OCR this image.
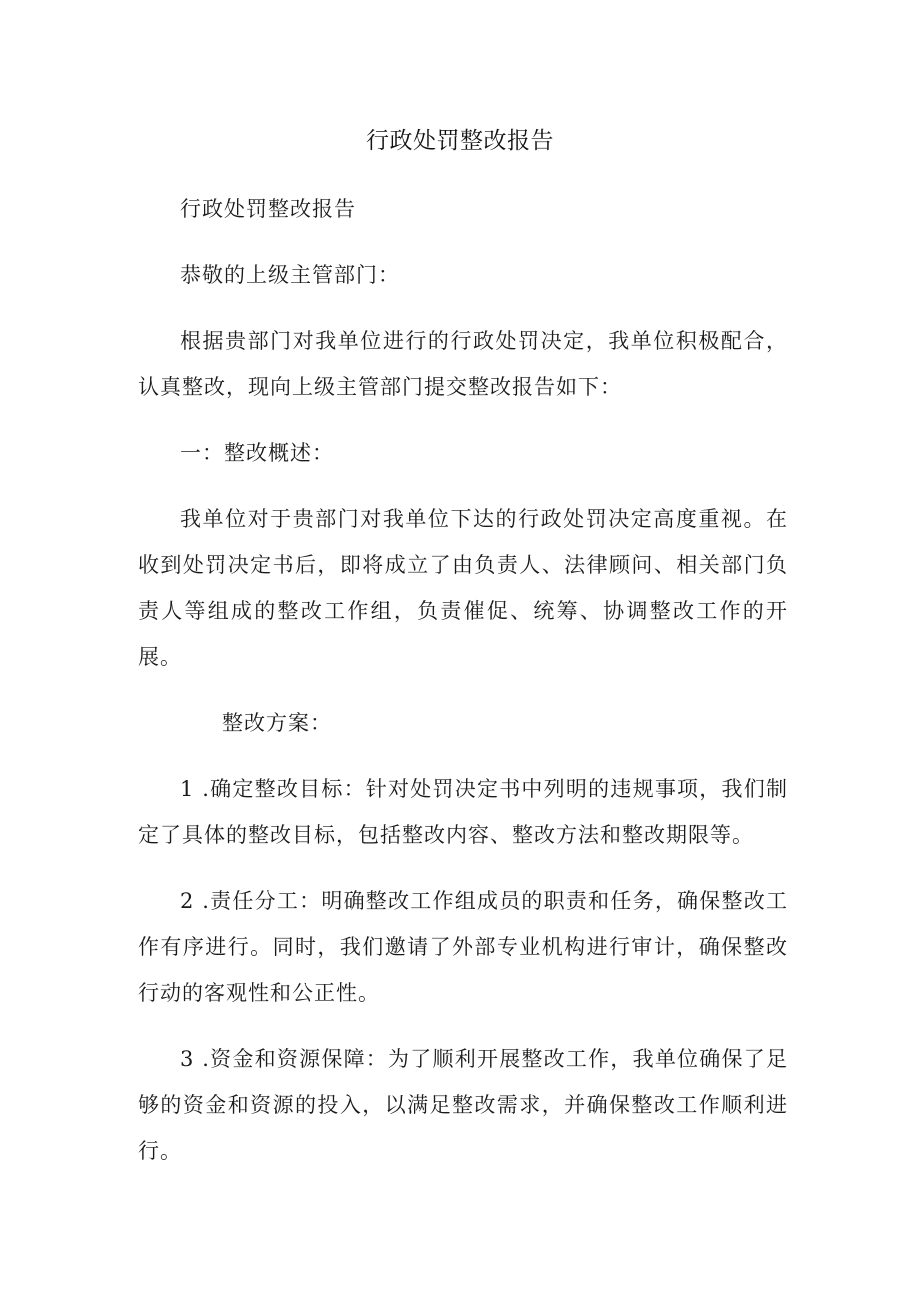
行政处罚整改报告

行政处罚整改报告

恭敬的上级主管部门：

根据贵部门对我单位进行的行政处罚决定，我单位积极配合，认真整改，现向上级主管部门提交整改报告如下：

一：整改概述：

我单位对于贵部门对我单位下达的行政处罚决定高度重视。在收到处罚决定书后，即将成立了由负责人、法律顾问、相关部门负责人等组成的整改工作组，负责催促、统筹、协调整改工作的开展。

整改方案：

1 .确定整改目标：针对处罚决定书中列明的违规事项，我们制定了具体的整改目标，包括整改内容、整改方法和整改期限等。

2 .责任分工：明确整改工作组成员的职责和任务，确保整改工作有序进行。同时，我们邀请了外部专业机构进行审计，确保整改行动的客观性和公正性。

3 .资金和资源保障：为了顺利开展整改工作，我单位确保了足够的资金和资源的投入，以满足整改需求，并确保整改工作顺利进行。
